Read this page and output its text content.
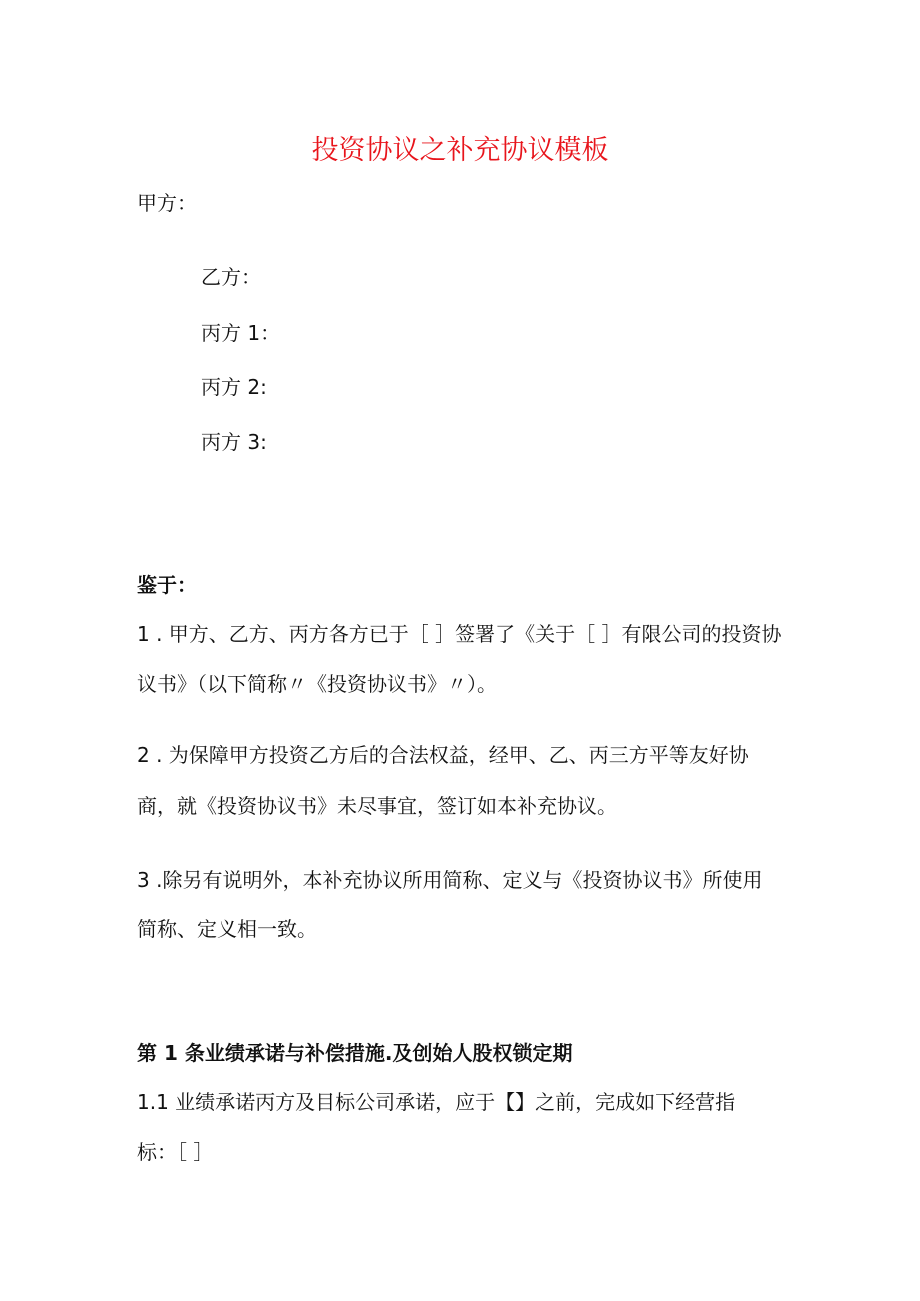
投资协议之补充协议模板
甲方：
乙方：
丙方 1：
丙方 2:
丙方 3:
鉴于：
1 . 甲方、乙方、丙方各方已于［ ］签署了《关于［ ］有限公司的投资协
议书》（以下简称〃《投资协议书》〃）。
2 . 为保障甲方投资乙方后的合法权益，经甲、乙、丙三方平等友好协
商，就《投资协议书》未尽事宜，签订如本补充协议。
3 .除另有说明外，本补充协议所用简称、定义与《投资协议书》所使用
简称、定义相一致。
第 1 条业绩承诺与补偿措施.及创始人股权锁定期
1.1 业绩承诺丙方及目标公司承诺，应于【】之前，完成如下经营指
标：［ ］
